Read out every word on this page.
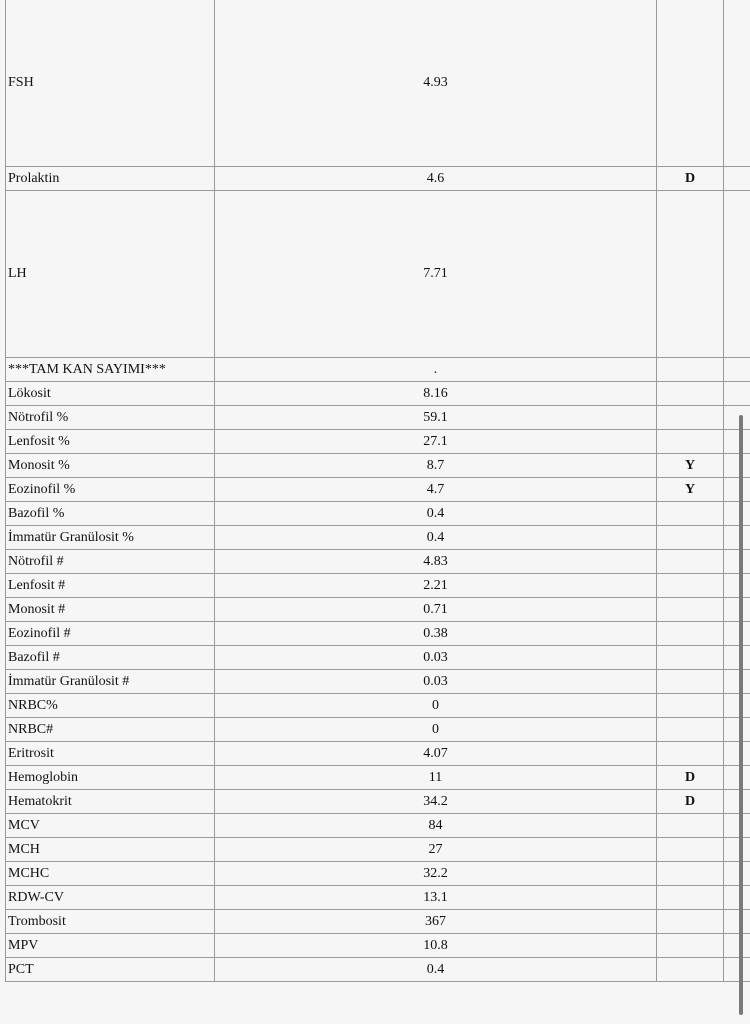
FSH	4.93		
Prolaktin	4.6	D	
LH	7.71		
***TAM KAN SAYIMI***	.		
Lökosit	8.16		
Nötrofil %	59.1		
Lenfosit %	27.1		
Monosit %	8.7	Y	
Eozinofil %	4.7	Y	
Bazofil %	0.4		
İmmatür Granülosit %	0.4		
Nötrofil #	4.83		
Lenfosit #	2.21		
Monosit #	0.71		
Eozinofil #	0.38		
Bazofil #	0.03		
İmmatür Granülosit #	0.03		
NRBC%	0		
NRBC#	0		
Eritrosit	4.07		
Hemoglobin	11	D	
Hematokrit	34.2	D	
MCV	84		
MCH	27		
MCHC	32.2		
RDW-CV	13.1		
Trombosit	367		
MPV	10.8		
PCT	0.4		
